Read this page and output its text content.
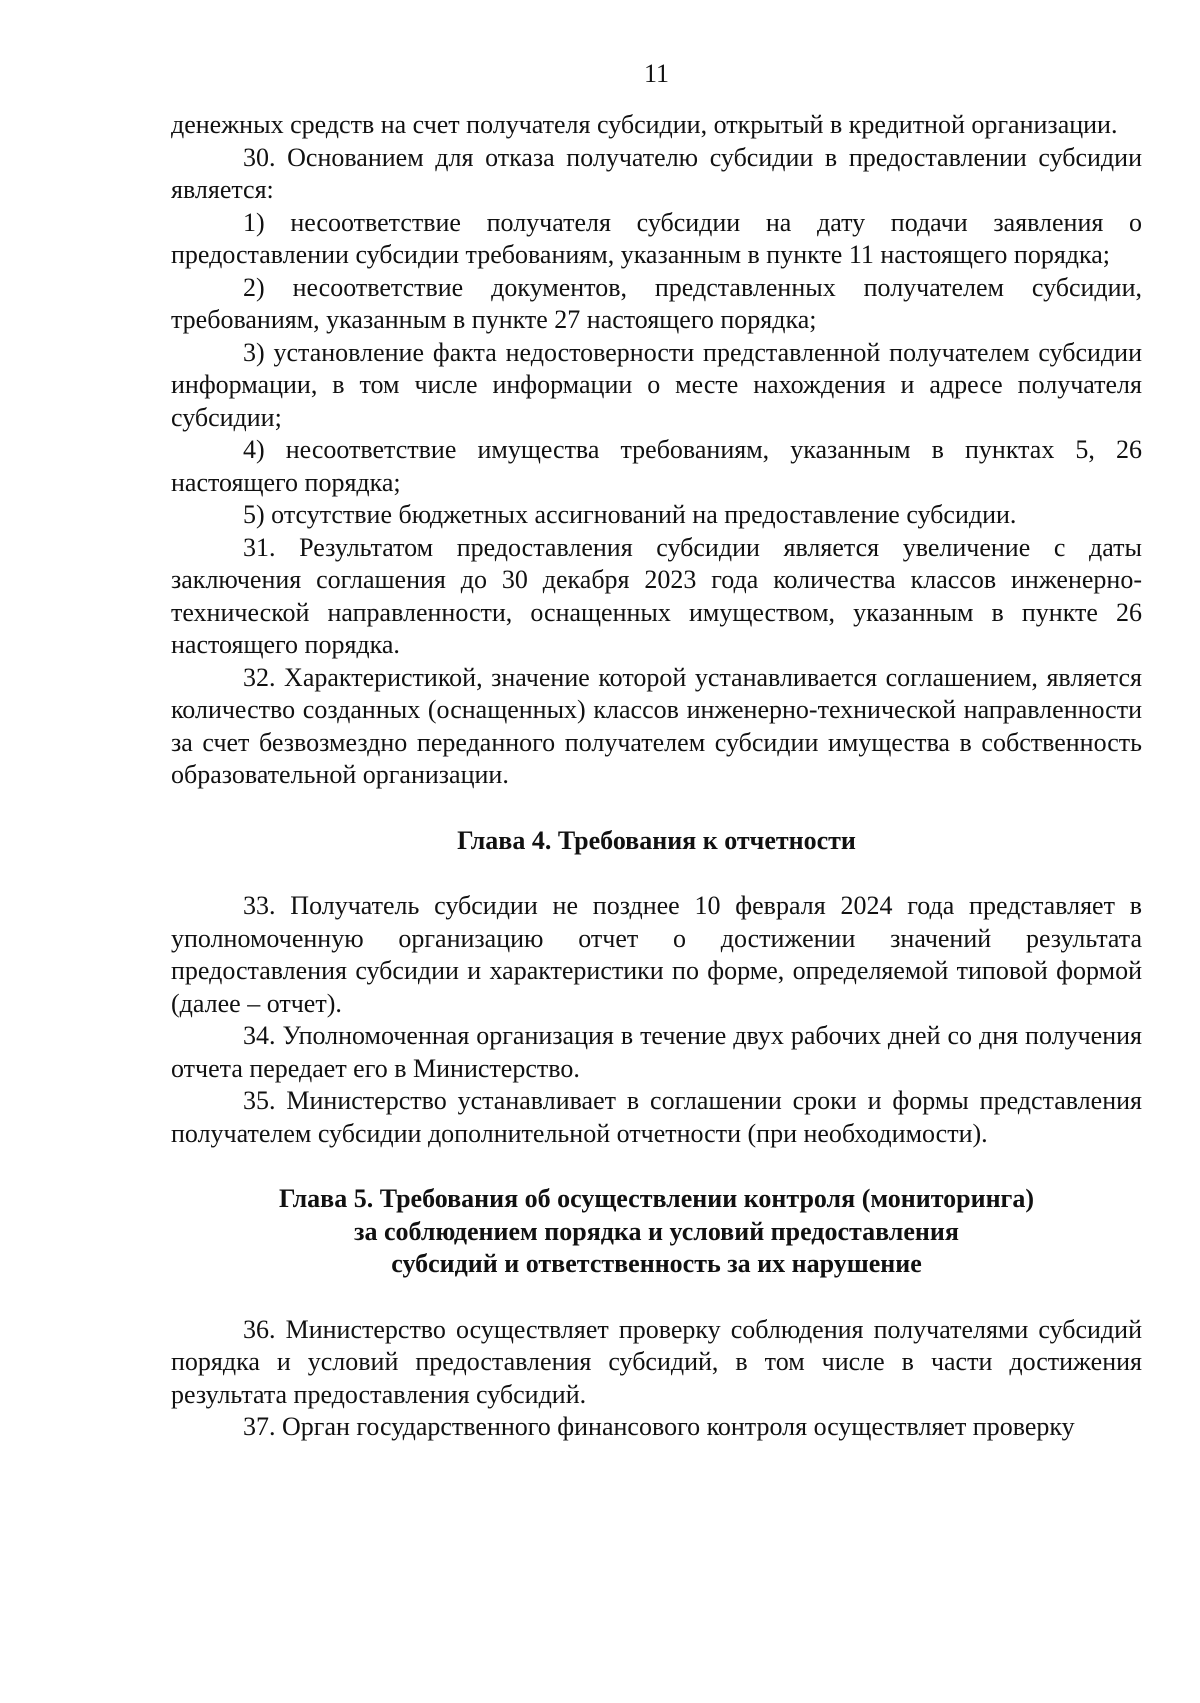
11

денежных средств на счет получателя субсидии, открытый в кредитной организации.

30. Основанием для отказа получателю субсидии в предоставлении субсидии является:

1) несоответствие получателя субсидии на дату подачи заявления о предоставлении субсидии требованиям, указанным в пункте 11 настоящего порядка;

2) несоответствие документов, представленных получателем субсидии, требованиям, указанным в пункте 27 настоящего порядка;

3) установление факта недостоверности представленной получателем субсидии информации, в том числе информации о месте нахождения и адресе получателя субсидии;

4) несоответствие имущества требованиям, указанным в пунктах 5, 26 настоящего порядка;

5) отсутствие бюджетных ассигнований на предоставление субсидии.

31. Результатом предоставления субсидии является увеличение с даты заключения соглашения до 30 декабря 2023 года количества классов инженерно-технической направленности, оснащенных имуществом, указанным в пункте 26 настоящего порядка.

32. Характеристикой, значение которой устанавливается соглашением, является количество созданных (оснащенных) классов инженерно-технической направленности за счет безвозмездно переданного получателем субсидии имущества в собственность образовательной организации.

Глава 4. Требования к отчетности

33. Получатель субсидии не позднее 10 февраля 2024 года представляет в уполномоченную организацию отчет о достижении значений результата предоставления субсидии и характеристики по форме, определяемой типовой формой (далее – отчет).

34. Уполномоченная организация в течение двух рабочих дней со дня получения отчета передает его в Министерство.

35. Министерство устанавливает в соглашении сроки и формы представления получателем субсидии дополнительной отчетности (при необходимости).

Глава 5. Требования об осуществлении контроля (мониторинга)
за соблюдением порядка и условий предоставления
субсидий и ответственность за их нарушение

36. Министерство осуществляет проверку соблюдения получателями субсидий порядка и условий предоставления субсидий, в том числе в части достижения результата предоставления субсидий.

37. Орган государственного финансового контроля осуществляет проверку
